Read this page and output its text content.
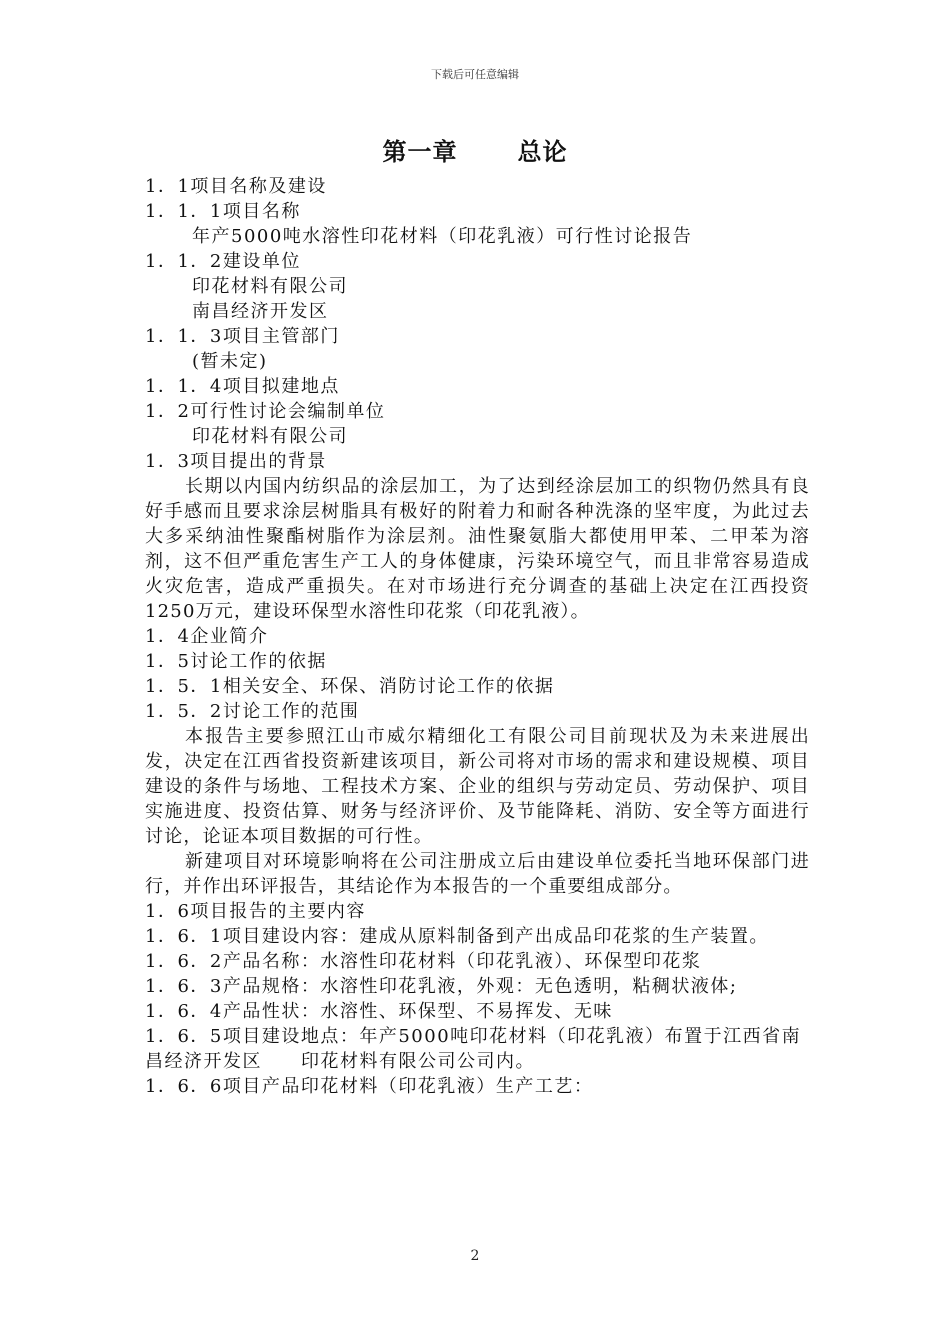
下载后可任意编辑
第一章	总论
1．1项目名称及建设
1．1．1项目名称
年产5000吨水溶性印花材料（印花乳液）可行性讨论报告
1．1．2建设单位
印花材料有限公司
南昌经济开发区
1．1．3项目主管部门
(暂未定)
1．1．4项目拟建地点
1．2可行性讨论会编制单位
印花材料有限公司
1．3项目提出的背景
长期以内国内纺织品的涂层加工，为了达到经涂层加工的织物仍然具有良好手感而且要求涂层树脂具有极好的附着力和耐各种洗涤的坚牢度，为此过去大多采纳油性聚酯树脂作为涂层剂。油性聚氨脂大都使用甲苯、二甲苯为溶剂，这不但严重危害生产工人的身体健康，污染环境空气，而且非常容易造成火灾危害，造成严重损失。在对市场进行充分调查的基础上决定在江西投资1250万元，建设环保型水溶性印花浆（印花乳液）。
1．4企业简介
1．5讨论工作的依据
1．5．1相关安全、环保、消防讨论工作的依据
1．5．2讨论工作的范围
本报告主要参照江山市威尔精细化工有限公司目前现状及为未来进展出发，决定在江西省投资新建该项目，新公司将对市场的需求和建设规模、项目建设的条件与场地、工程技术方案、企业的组织与劳动定员、劳动保护、项目实施进度、投资估算、财务与经济评价、及节能降耗、消防、安全等方面进行讨论，论证本项目数据的可行性。
新建项目对环境影响将在公司注册成立后由建设单位委托当地环保部门进行，并作出环评报告，其结论作为本报告的一个重要组成部分。
1．6项目报告的主要内容
1．6．1项目建设内容：建成从原料制备到产出成品印花浆的生产装置。
1．6．2产品名称：水溶性印花材料（印花乳液）、环保型印花浆
1．6．3产品规格：水溶性印花乳液，外观：无色透明，粘稠状液体;
1．6．4产品性状：水溶性、环保型、不易挥发、无味
1．6．5项目建设地点：年产5000吨印花材料（印花乳液）布置于江西省南昌经济开发区　　印花材料有限公司公司内。
1．6．6项目产品印花材料（印花乳液）生产工艺：
2
